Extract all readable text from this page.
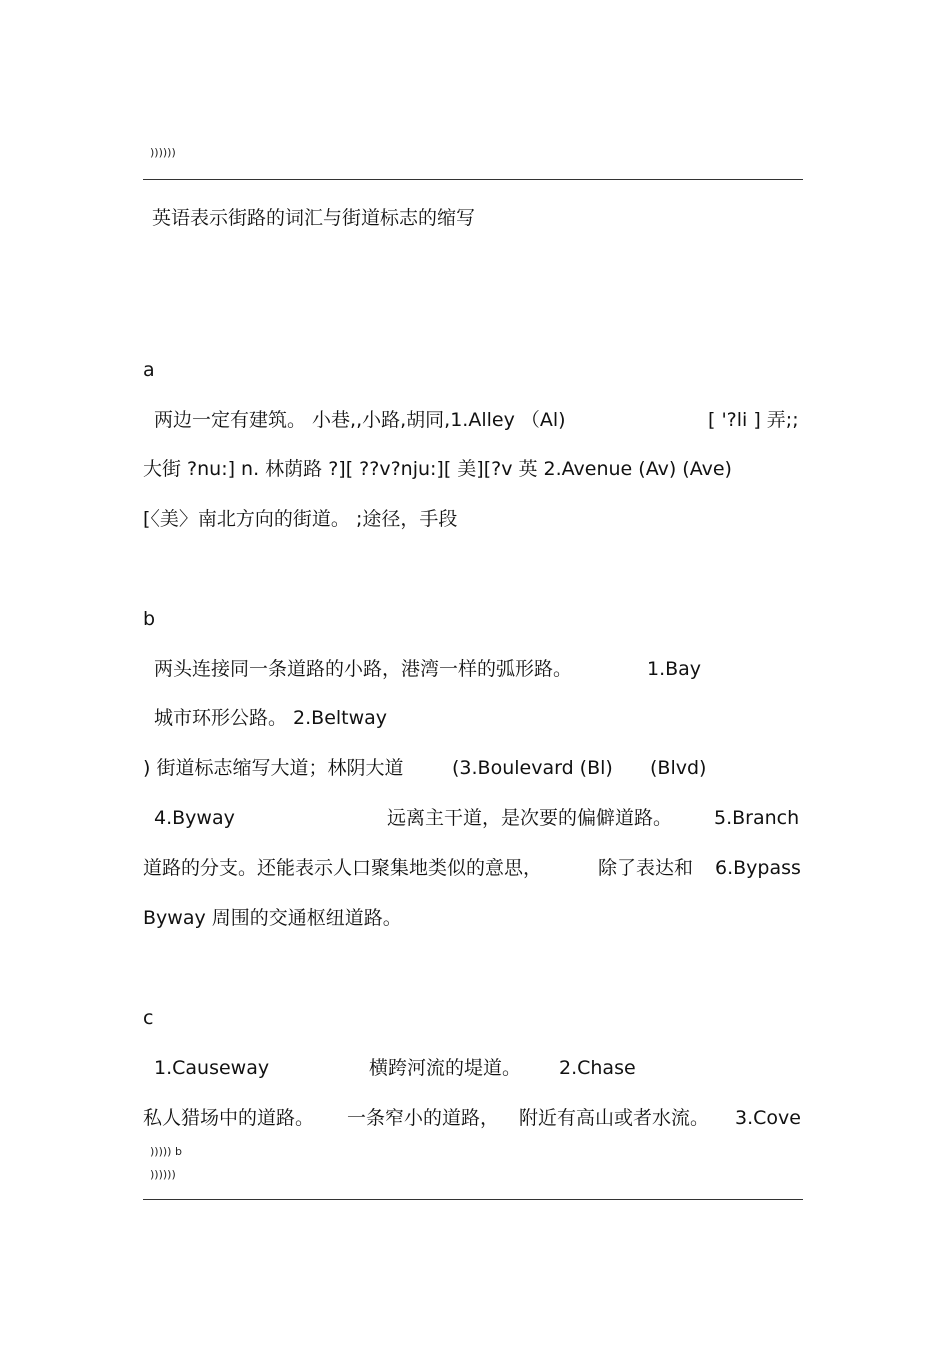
))))))
英语表示街路的词汇与街道标志的缩写
a
两边一定有建筑。 小巷,,小路,胡同,1.Alley （Al)	[ '?li ] 弄;;
大街 ?nu:] n. 林荫路 ?][ ??v?nju:][ 美][?v 英 2.Avenue (Av) (Ave)
[〈美〉南北方向的街道。 ;途径，手段
b
两头连接同一条道路的小路，港湾一样的弧形路。	1.Bay
城市环形公路。 2.Beltway
) 街道标志缩写大道；林阴大道	(3.Boulevard (Bl) (Blvd)
4.Byway	远离主干道，是次要的偏僻道路。 5.Branch
道路的分支。还能表示人口聚集地类似的意思，	除了表达和 6.Bypass
Byway 周围的交通枢纽道路。
c
1.Causeway	横跨河流的堤道。 2.Chase
私人猎场中的道路。 一条窄小的道路， 附近有高山或者水流。 3.Cove
))))) b
))))))
